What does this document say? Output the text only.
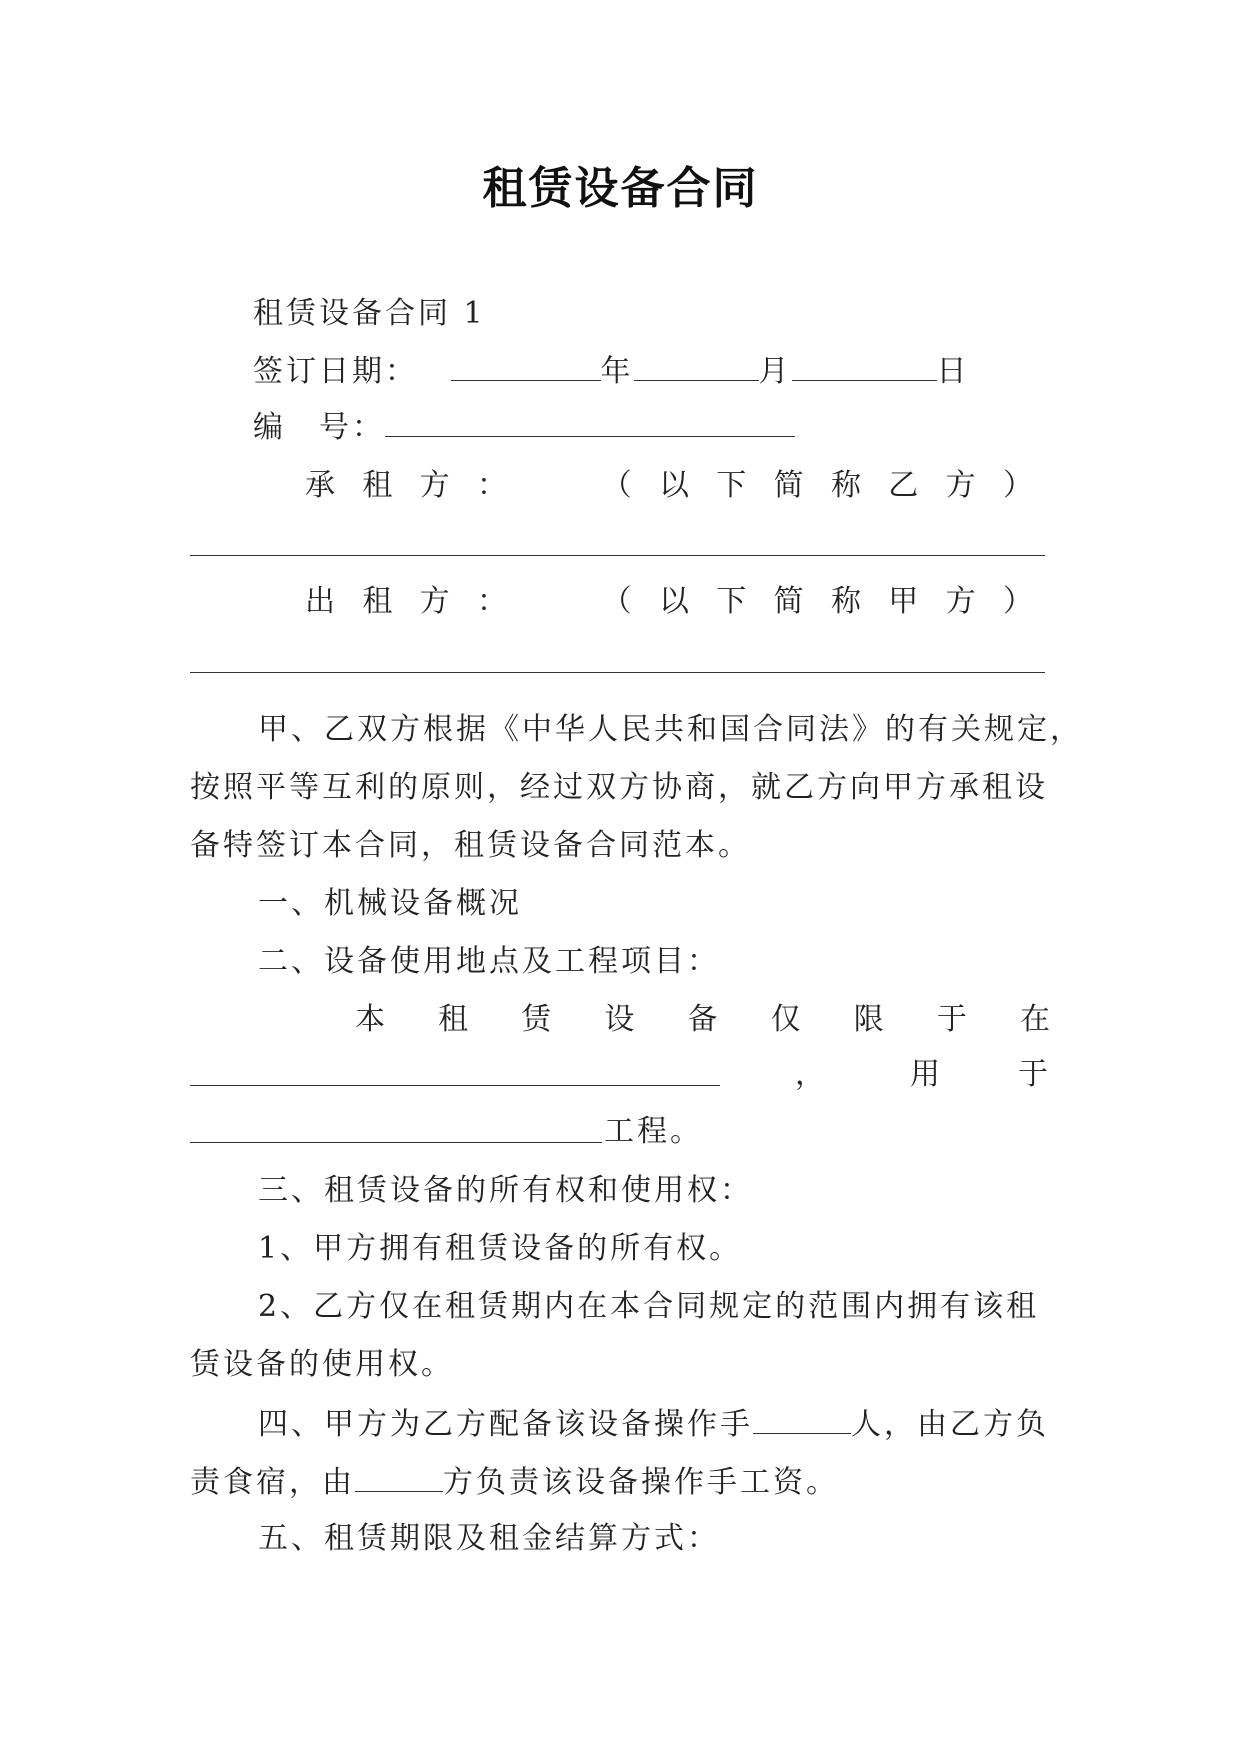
租赁设备合同
租赁设备合同 1
签订日期：	年	月	日
编　号：
承 租 方 ：	（ 以 下 简 称 乙 方 ）
出 租 方 ：	（ 以 下 简 称 甲 方 ）
甲、乙双方根据《中华人民共和国合同法》的有关规定，
按照平等互利的原则，经过双方协商，就乙方向甲方承租设
备特签订本合同，租赁设备合同范本。
一、机械设备概况
二、设备使用地点及工程项目：
本 租 赁 设 备 仅 限 于 在
，	用	于
工程。
三、租赁设备的所有权和使用权：
1、甲方拥有租赁设备的所有权。
2、乙方仅在租赁期内在本合同规定的范围内拥有该租
赁设备的使用权。
四、甲方为乙方配备该设备操作手	人，由乙方负
责食宿，由	方负责该设备操作手工资。
五、租赁期限及租金结算方式：
